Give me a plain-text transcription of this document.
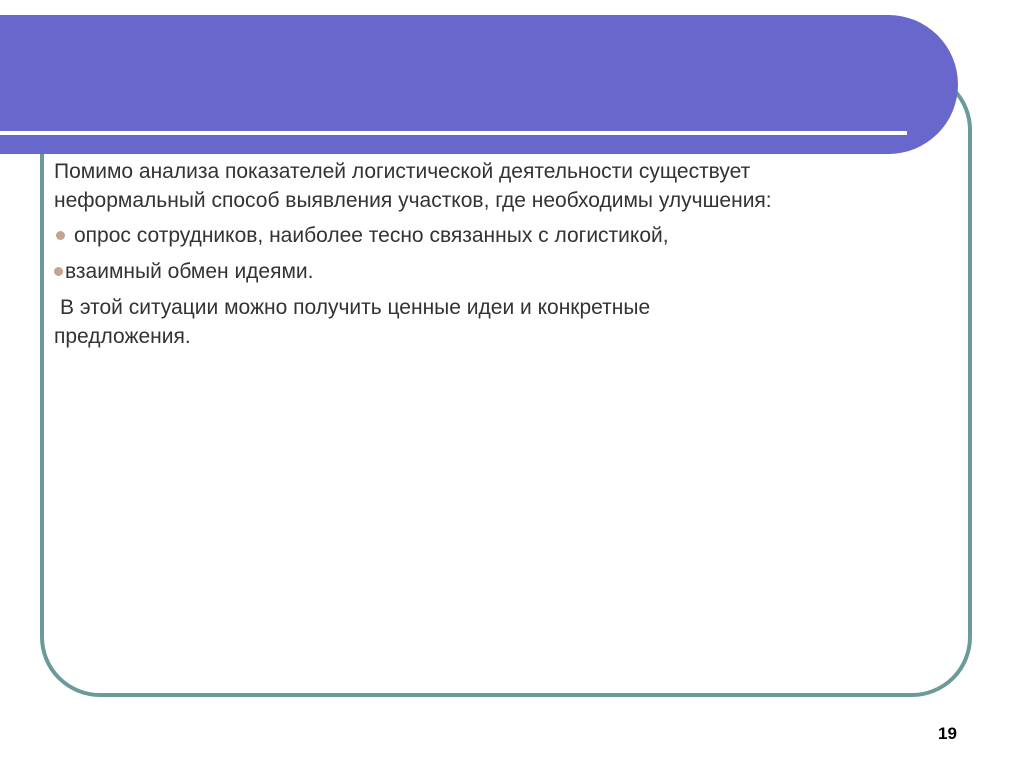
Помимо анализа показателей логистической деятельности существует
неформальный способ выявления участков, где необходимы улучшения:

опрос сотрудников, наиболее тесно связанных с логистикой,

взаимный обмен идеями.

В этой ситуации можно получить ценные идеи и конкретные
предложения.

19
